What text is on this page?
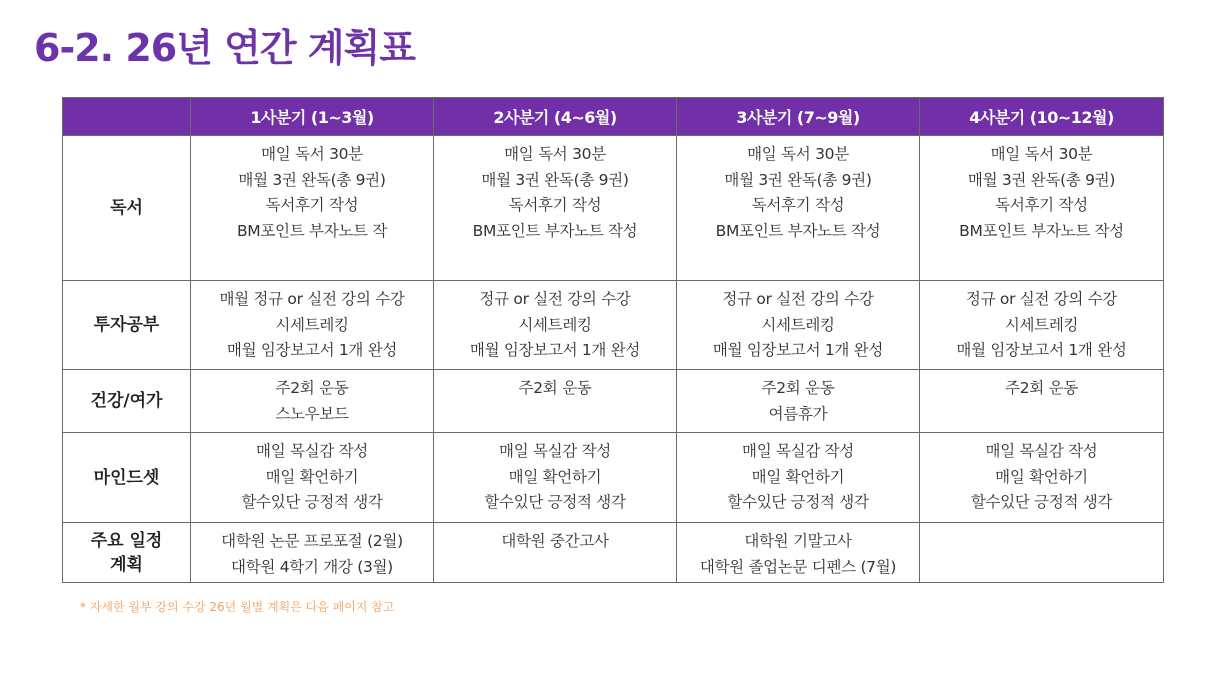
6-2. 26년 연간 계획표
	1사분기 (1~3월)	2사분기 (4~6월)	3사분기 (7~9월)	4사분기 (10~12월)
독서	매일 독서 30분
매월 3권 완독(총 9권)
독서후기 작성
BM포인트 부자노트 작	매일 독서 30분
매월 3권 완독(총 9권)
독서후기 작성
BM포인트 부자노트 작성	매일 독서 30분
매월 3권 완독(총 9권)
독서후기 작성
BM포인트 부자노트 작성	매일 독서 30분
매월 3권 완독(총 9권)
독서후기 작성
BM포인트 부자노트 작성

투자공부	매월 정규 or 실전 강의 수강
시세트레킹
매월 임장보고서 1개 완성	정규 or 실전 강의 수강
시세트레킹
매월 임장보고서 1개 완성	정규 or 실전 강의 수강
시세트레킹
매월 임장보고서 1개 완성	정규 or 실전 강의 수강
시세트레킹
매월 임장보고서 1개 완성

건강/여가	주2회 운동
스노우보드	주2회 운동	주2회 운동
여름휴가	주2회 운동

마인드셋	매일 목실감 작성
매일 확언하기
할수있단 긍정적 생각	매일 목실감 작성
매일 확언하기
할수있단 긍정적 생각	매일 목실감 작성
매일 확언하기
할수있단 긍정적 생각	매일 목실감 작성
매일 확언하기
할수있단 긍정적 생각

주요 일정
계획	대학원 논문 프로포절 (2월)
대학원 4학기 개강 (3월)	대학원 중간고사	대학원 기말고사
대학원 졸업논문 디펜스 (7월)	

* 자세한 월부 강의 수강 26년 월별 계획은 다음 페이지 참고
